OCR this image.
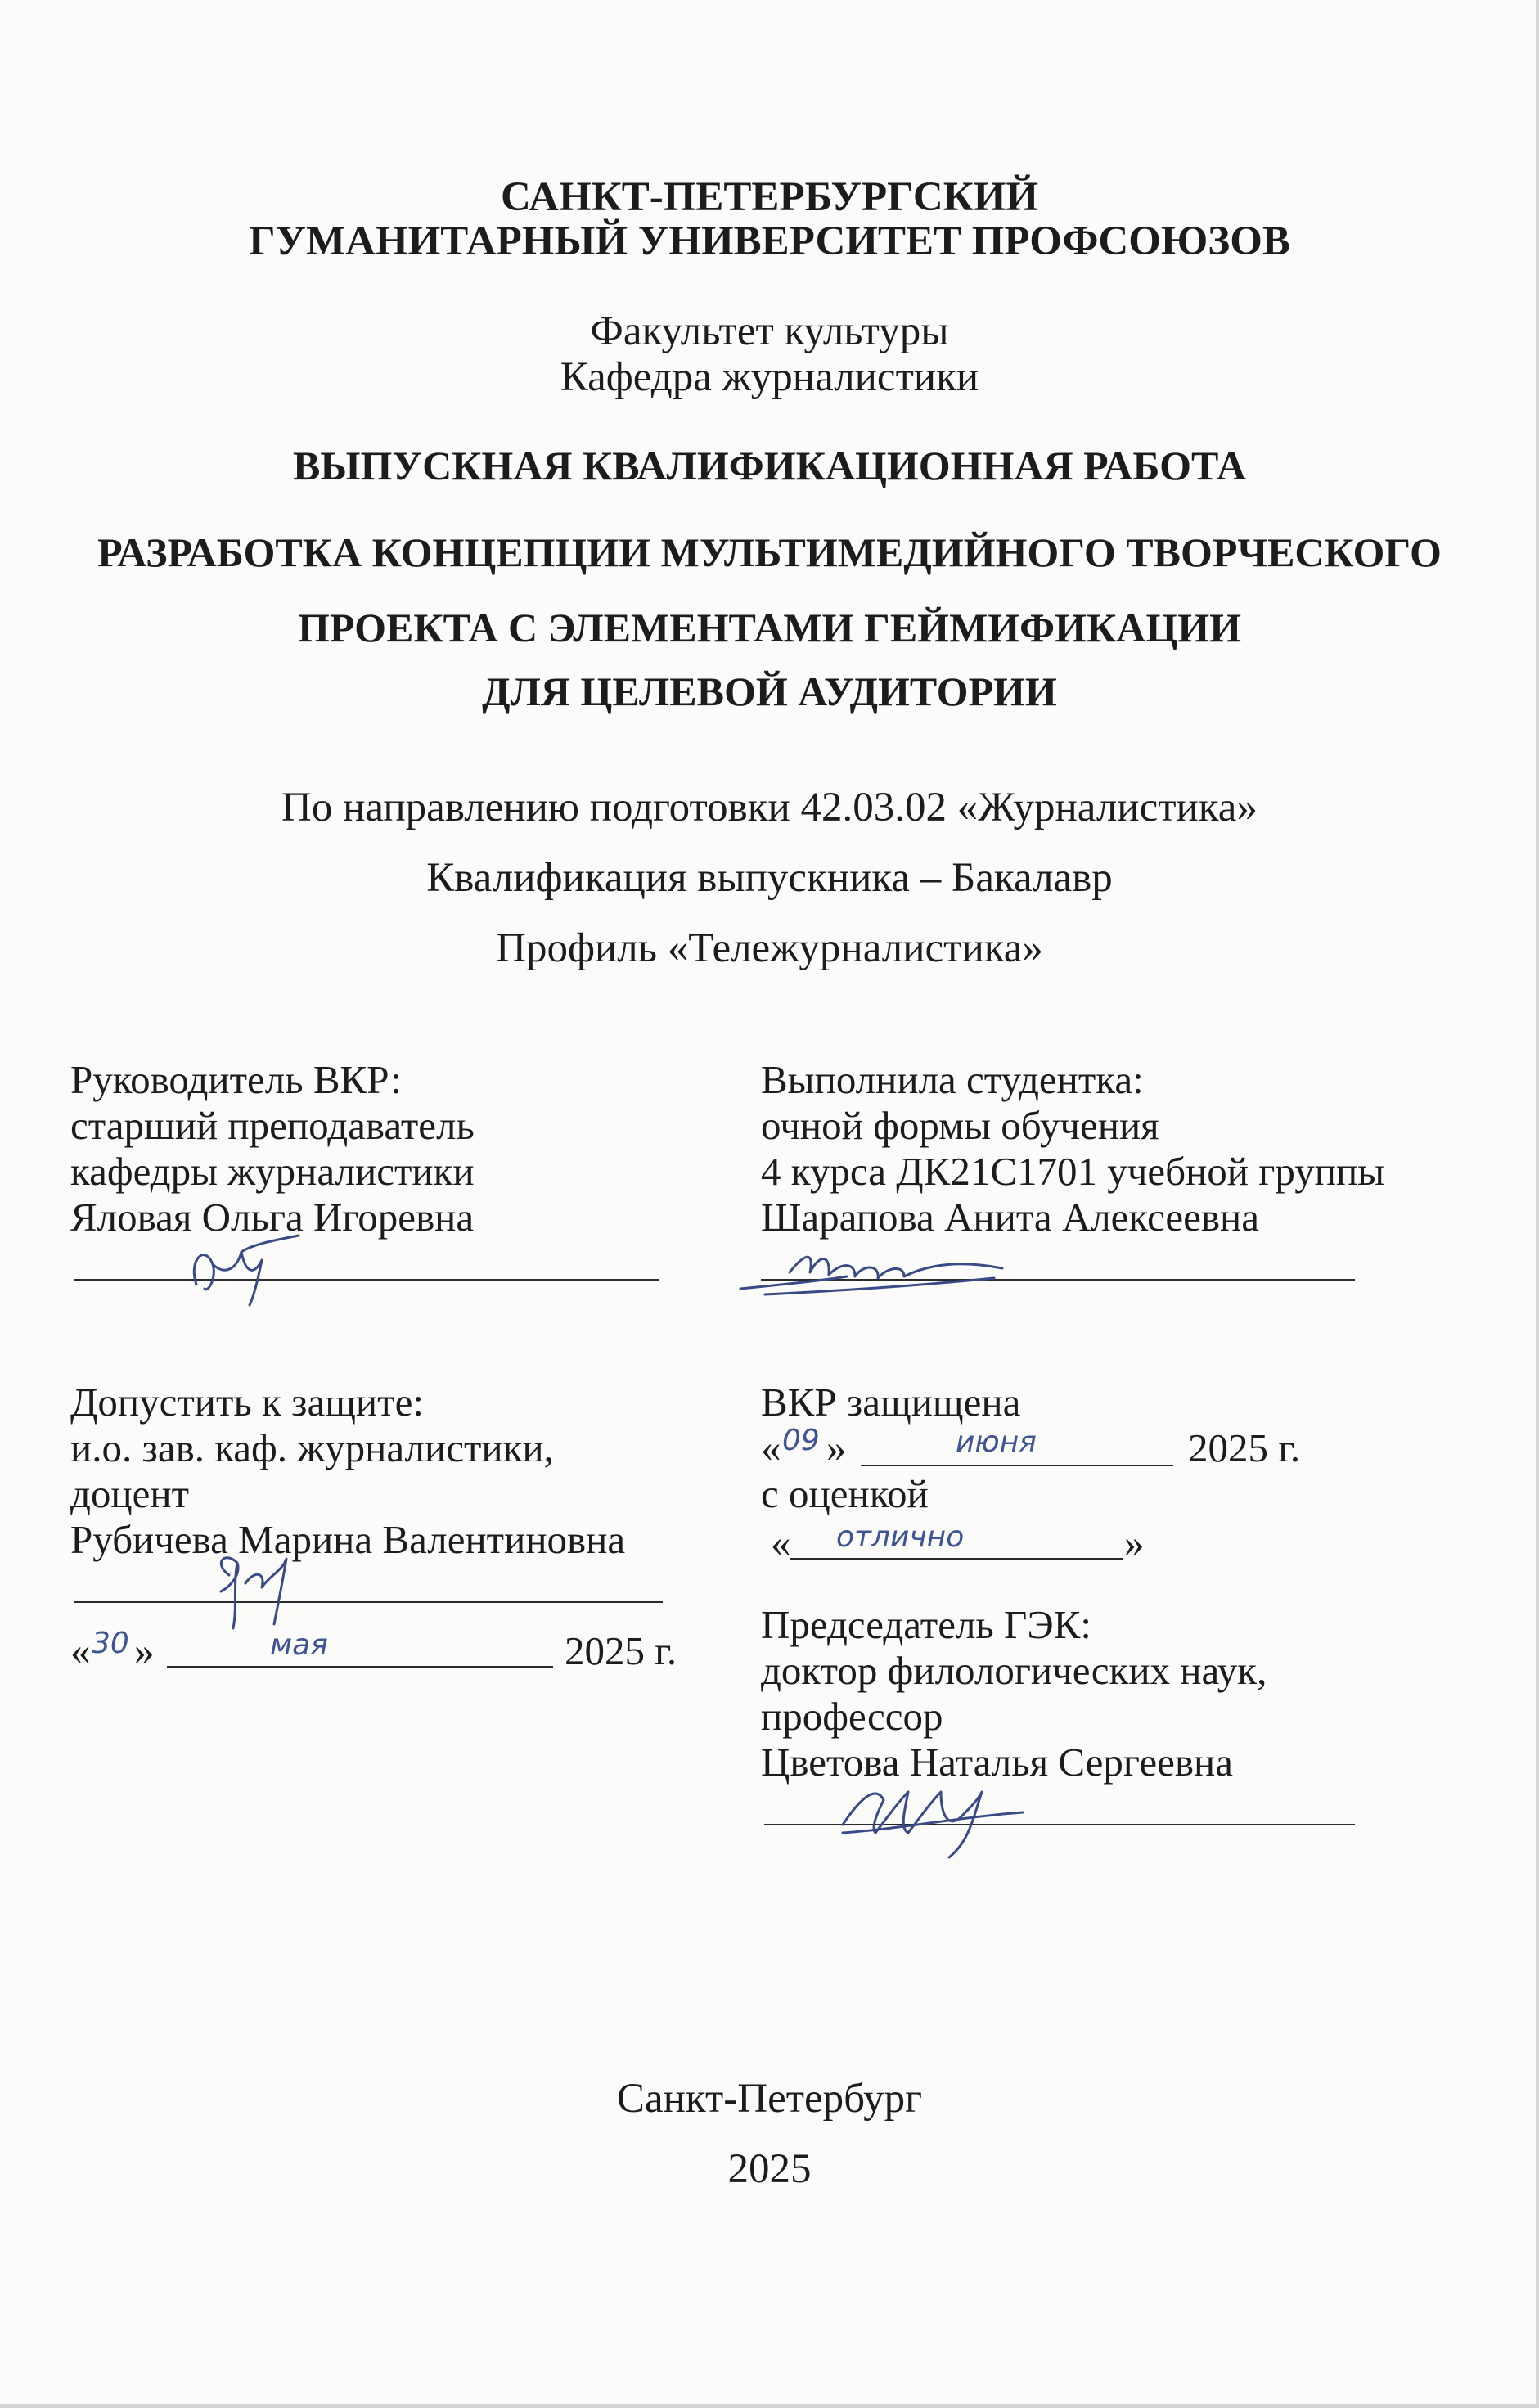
САНКТ-ПЕТЕРБУРГСКИЙ
ГУМАНИТАРНЫЙ УНИВЕРСИТЕТ ПРОФСОЮЗОВ
Факультет культуры
Кафедра журналистики
ВЫПУСКНАЯ КВАЛИФИКАЦИОННАЯ РАБОТА
РАЗРАБОТКА КОНЦЕПЦИИ МУЛЬТИМЕДИЙНОГО ТВОРЧЕСКОГО
ПРОЕКТА С ЭЛЕМЕНТАМИ ГЕЙМИФИКАЦИИ
ДЛЯ ЦЕЛЕВОЙ АУДИТОРИИ
По направлению подготовки 42.03.02 «Журналистика»
Квалификация выпускника – Бакалавр
Профиль «Тележурналистика»
Руководитель ВКР:
старший преподаватель
кафедры журналистики
Яловая Ольга Игоревна
Выполнила студентка:
очной формы обучения
4 курса ДК21С1701 учебной группы
Шарапова Анита Алексеевна
Допустить к защите:
и.о. зав. каф. журналистики,
доцент
Рубичева Марина Валентиновна
« 30 »	мая	2025 г.
ВКР защищена
« 09 »	июня	2025 г.
с оценкой
« отлично	»
Председатель ГЭК:
доктор филологических наук,
профессор
Цветова Наталья Сергеевна
Санкт-Петербург
2025
